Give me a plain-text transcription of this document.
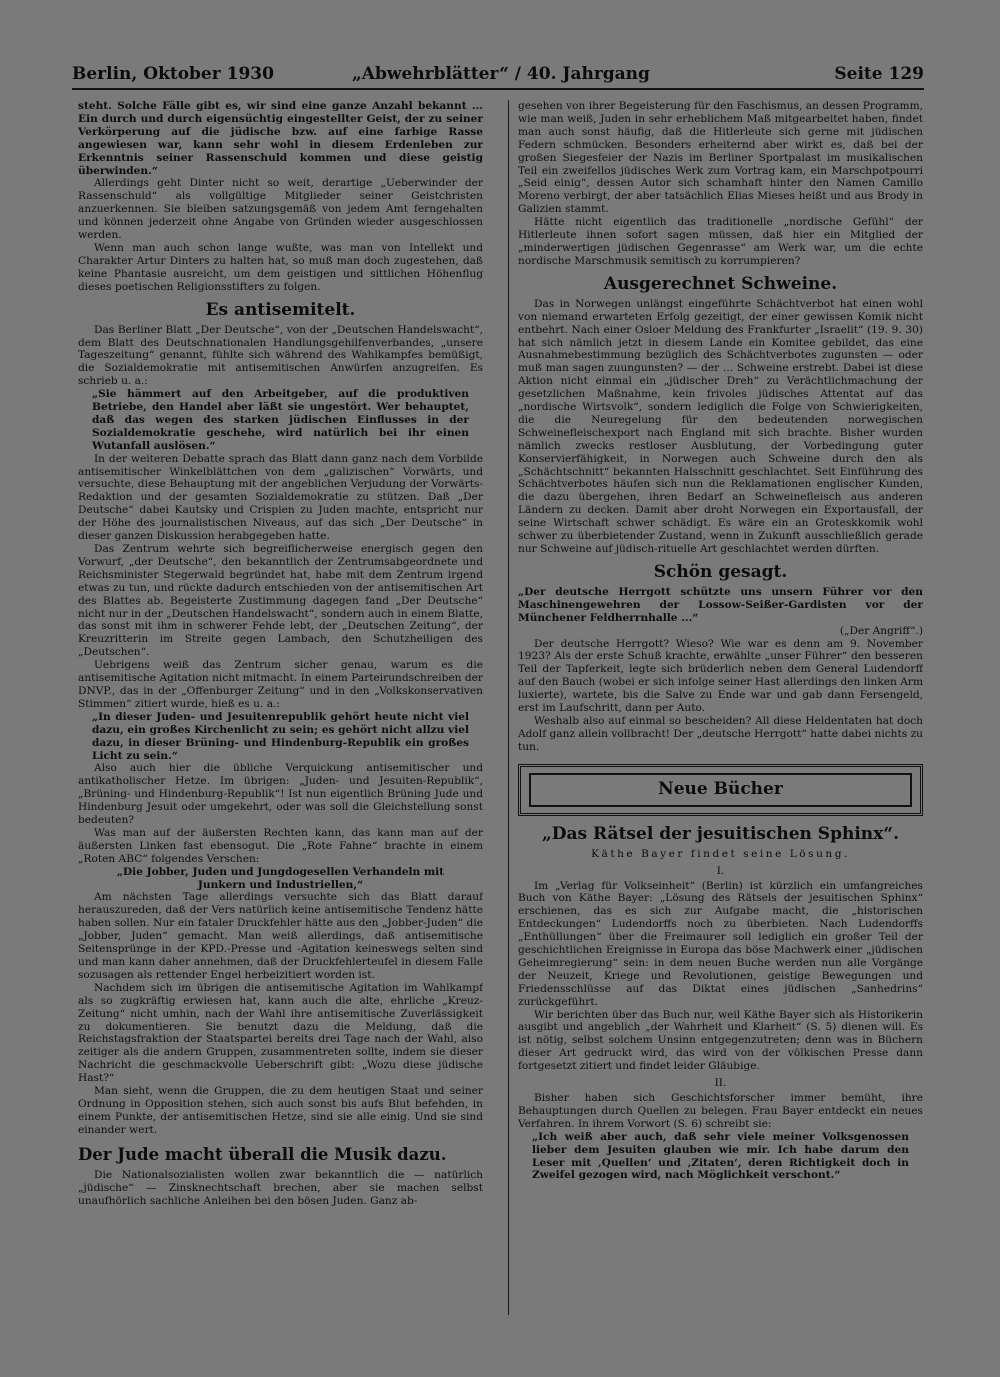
Berlin, Oktober 1930	„Abwehrblätter“ / 40. Jahrgang	Seite 129

steht. Solche Fälle gibt es, wir sind eine ganze Anzahl bekannt ... Ein durch und durch eigensüchtig eingestellter Geist, der zu seiner Verkörperung auf die jüdische bzw. auf eine farbige Rasse angewiesen war, kann sehr wohl in diesem Erdenleben zur Erkenntnis seiner Rassenschuld kommen und diese geistig überwinden.“

Allerdings geht Dinter nicht so weit, derartige „Ueberwinder der Rassenschuld“ als vollgültige Mitglieder seiner Geistchristen anzuerkennen. Sie bleiben satzungsgemäß von jedem Amt ferngehalten und können jederzeit ohne Angabe von Gründen wieder ausgeschlossen werden.

Wenn man auch schon lange wußte, was man von Intellekt und Charakter Artur Dinters zu halten hat, so muß man doch zugestehen, daß keine Phantasie ausreicht, um dem geistigen und sittlichen Höhenflug dieses poetischen Religionsstifters zu folgen.

Es antisemitelt.

Das Berliner Blatt „Der Deutsche“, von der „Deutschen Handelswacht“, dem Blatt des Deutschnationalen Handlungsgehilfenverbandes, „unsere Tageszeitung“ genannt, fühlte sich während des Wahlkampfes bemüßigt, die Sozialdemokratie mit antisemitischen Anwürfen anzugreifen. Es schrieb u. a.:

„Sie hämmert auf den Arbeitgeber, auf die produktiven Betriebe, den Handel aber läßt sie ungestört. Wer behauptet, daß das wegen des starken jüdischen Einflusses in der Sozialdemokratie geschehe, wird natürlich bei ihr einen Wutanfall auslösen.“

In der weiteren Debatte sprach das Blatt dann ganz nach dem Vorbilde antisemitischer Winkelblättchen von dem „galizischen“ Vorwärts, und versuchte, diese Behauptung mit der angeblichen Verjudung der Vorwärts-Redaktion und der gesamten Sozialdemokratie zu stützen. Daß „Der Deutsche“ dabei Kautsky und Crispien zu Juden machte, entspricht nur der Höhe des journalistischen Niveaus, auf das sich „Der Deutsche“ in dieser ganzen Diskussion herabgegeben hatte.

Das Zentrum wehrte sich begreiflicherweise energisch gegen den Vorwurf, „der Deutsche“, den bekanntlich der Zentrumsabgeordnete und Reichsminister Stegerwald begründet hat, habe mit dem Zentrum irgend etwas zu tun, und rückte dadurch entschieden von der antisemitischen Art des Blattes ab. Begeisterte Zustimmung dagegen fand „Der Deutsche“ nicht nur in der „Deutschen Handelswacht“, sondern auch in einem Blatte, das sonst mit ihm in schwerer Fehde lebt, der „Deutschen Zeitung“, der Kreuzritterin im Streite gegen Lambach, den Schutzheiligen des „Deutschen“.

Uebrigens weiß das Zentrum sicher genau, warum es die antisemitische Agitation nicht mitmacht. In einem Parteirundschreiben der DNVP., das in der „Offenburger Zeitung“ und in den „Volkskonservativen Stimmen“ zitiert wurde, hieß es u. a.:

„In dieser Juden- und Jesuitenrepublik gehört heute nicht viel dazu, ein großes Kirchenlicht zu sein; es gehört nicht allzu viel dazu, in dieser Brüning- und Hindenburg-Republik ein großes Licht zu sein.“

Also auch hier die übliche Verquickung antisemitischer und antikatholischer Hetze. Im übrigen: „Juden- und Jesuiten-Republik“, „Brüning- und Hindenburg-Republik“! Ist nun eigentlich Brüning Jude und Hindenburg Jesuit oder umgekehrt, oder was soll die Gleichstellung sonst bedeuten?

Was man auf der äußersten Rechten kann, das kann man auf der äußersten Linken fast ebensogut. Die „Rote Fahne“ brachte in einem „Roten ABC“ folgendes Verschen:

„Die Jobber, Juden und Jungdogesellen Verhandeln mit Junkern und Industriellen,“

Am nächsten Tage allerdings versuchte sich das Blatt darauf herauszureden, daß der Vers natürlich keine antisemitische Tendenz hätte haben sollen. Nur ein fataler Druckfehler hätte aus den „Jobber-Juden“ die „Jobber, Juden“ gemacht. Man weiß allerdings, daß antisemitische Seitensprünge in der KPD.-Presse und -Agitation keineswegs selten sind und man kann daher annehmen, daß der Druckfehlerteufel in diesem Falle sozusagen als rettender Engel herbeizitiert worden ist.

Nachdem sich im übrigen die antisemitische Agitation im Wahlkampf als so zugkräftig erwiesen hat, kann auch die alte, ehrliche „Kreuz-Zeitung“ nicht umhin, nach der Wahl ihre antisemitische Zuverlässigkeit zu dokumentieren. Sie benutzt dazu die Meldung, daß die Reichstagsfraktion der Staatspartei bereits drei Tage nach der Wahl, also zeitiger als die andern Gruppen, zusammentreten sollte, indem sie dieser Nachricht die geschmackvolle Ueberschrift gibt: „Wozu diese jüdische Hast?“

Man sieht, wenn die Gruppen, die zu dem heutigen Staat und seiner Ordnung in Opposition stehen, sich auch sonst bis aufs Blut befehden, in einem Punkte, der antisemitischen Hetze, sind sie alle einig. Und sie sind einander wert.

Der Jude macht überall die Musik dazu.

Die Nationalsozialisten wollen zwar bekanntlich die — natürlich „jüdische“ — Zinsknechtschaft brechen, aber sie machen selbst unaufhörlich sachliche Anleihen bei den bösen Juden. Ganz ab-

gesehen von ihrer Begeisterung für den Faschismus, an dessen Programm, wie man weiß, Juden in sehr erheblichem Maß mitgearbeitet haben, findet man auch sonst häufig, daß die Hitlerleute sich gerne mit jüdischen Federn schmücken. Besonders erheiternd aber wirkt es, daß bei der großen Siegesfeier der Nazis im Berliner Sportpalast im musikalischen Teil ein zweifellos jüdisches Werk zum Vortrag kam, ein Marschpotpourri „Seid einig“, dessen Autor sich schamhaft hinter den Namen Camillo Moreno verbirgt, der aber tatsächlich Elias Mieses heißt und aus Brody in Galizien stammt.

Hätte nicht eigentlich das traditionelle „nordische Gefühl“ der Hitlerleute ihnen sofort sagen müssen, daß hier ein Mitglied der „minderwertigen jüdischen Gegenrasse“ am Werk war, um die echte nordische Marschmusik semitisch zu korrumpieren?

Ausgerechnet Schweine.

Das in Norwegen unlängst eingeführte Schächtverbot hat einen wohl von niemand erwarteten Erfolg gezeitigt, der einer gewissen Komik nicht entbehrt. Nach einer Osloer Meldung des Frankfurter „Israelit“ (19. 9. 30) hat sich nämlich jetzt in diesem Lande ein Komitee gebildet, das eine Ausnahmebestimmung bezüglich des Schächtverbotes zugunsten — oder muß man sagen zuungunsten? — der ... Schweine erstrebt. Dabei ist diese Aktion nicht einmal ein „jüdischer Dreh“ zu Verächtlichmachung der gesetzlichen Maßnahme, kein frivoles jüdisches Attentat auf das „nordische Wirtsvolk“, sondern lediglich die Folge von Schwierigkeiten, die die Neuregelung für den bedeutenden norwegischen Schweinefleischexport nach England mit sich brachte. Bisher wurden nämlich zwecks restloser Ausblutung, der Vorbedingung guter Konservierfähigkeit, in Norwegen auch Schweine durch den als „Schächtschnitt“ bekannten Halsschnitt geschlachtet. Seit Einführung des Schächtverbotes häufen sich nun die Reklamationen englischer Kunden, die dazu übergehen, ihren Bedarf an Schweinefleisch aus anderen Ländern zu decken. Damit aber droht Norwegen ein Exportausfall, der seine Wirtschaft schwer schädigt. Es wäre ein an Groteskkomik wohl schwer zu überbietender Zustand, wenn in Zukunft ausschließlich gerade nur Schweine auf jüdisch-rituelle Art geschlachtet werden dürften.

Schön gesagt.

„Der deutsche Herrgott schützte uns unsern Führer vor den Maschinengewehren der Lossow-Seißer-Gardisten vor der Münchener Feldherrnhalle ...“

(„Der Angriff“.)

Der deutsche Herrgott? Wieso? Wie war es denn am 9. November 1923? Als der erste Schuß krachte, erwählte „unser Führer“ den besseren Teil der Tapferkeit, legte sich brüderlich neben dem General Ludendorff auf den Bauch (wobei er sich infolge seiner Hast allerdings den linken Arm luxierte), wartete, bis die Salve zu Ende war und gab dann Fersengeld, erst im Laufschritt, dann per Auto.

Weshalb also auf einmal so bescheiden? All diese Heldentaten hat doch Adolf ganz allein vollbracht! Der „deutsche Herrgott“ hatte dabei nichts zu tun.

Neue Bücher
„Das Rätsel der jesuitischen Sphinx“.
Käthe Bayer findet seine Lösung.
I.

Im „Verlag für Volkseinheit“ (Berlin) ist kürzlich ein umfangreiches Buch von Käthe Bayer: „Lösung des Rätsels der jesuitischen Sphinx“ erschienen, das es sich zur Aufgabe macht, die „historischen Entdeckungen“ Ludendorffs noch zu überbieten. Nach Ludendorffs „Enthüllungen“ über die Freimaurer soll lediglich ein großer Teil der geschichtlichen Ereignisse in Europa das böse Machwerk einer „jüdischen Geheimregierung“ sein: in dem neuen Buche werden nun alle Vorgänge der Neuzeit, Kriege und Revolutionen, geistige Bewegungen und Friedensschlüsse auf das Diktat eines jüdischen „Sanhedrins“ zurückgeführt.

Wir berichten über das Buch nur, weil Käthe Bayer sich als Historikerin ausgibt und angeblich „der Wahrheit und Klarheit“ (S. 5) dienen will. Es ist nötig, selbst solchem Unsinn entgegenzutreten; denn was in Büchern dieser Art gedruckt wird, das wird von der völkischen Presse dann fortgesetzt zitiert und findet leider Gläubige.

II.

Bisher haben sich Geschichtsforscher immer bemüht, ihre Behauptungen durch Quellen zu belegen. Frau Bayer entdeckt ein neues Verfahren. In ihrem Vorwort (S. 6) schreibt sie:

„Ich weiß aber auch, daß sehr viele meiner Volksgenossen lieber dem Jesuiten glauben wie mir. Ich habe darum den Leser mit ‚Quellen‘ und ‚Zitaten‘, deren Richtigkeit doch in Zweifel gezogen wird, nach Möglichkeit verschont.“
